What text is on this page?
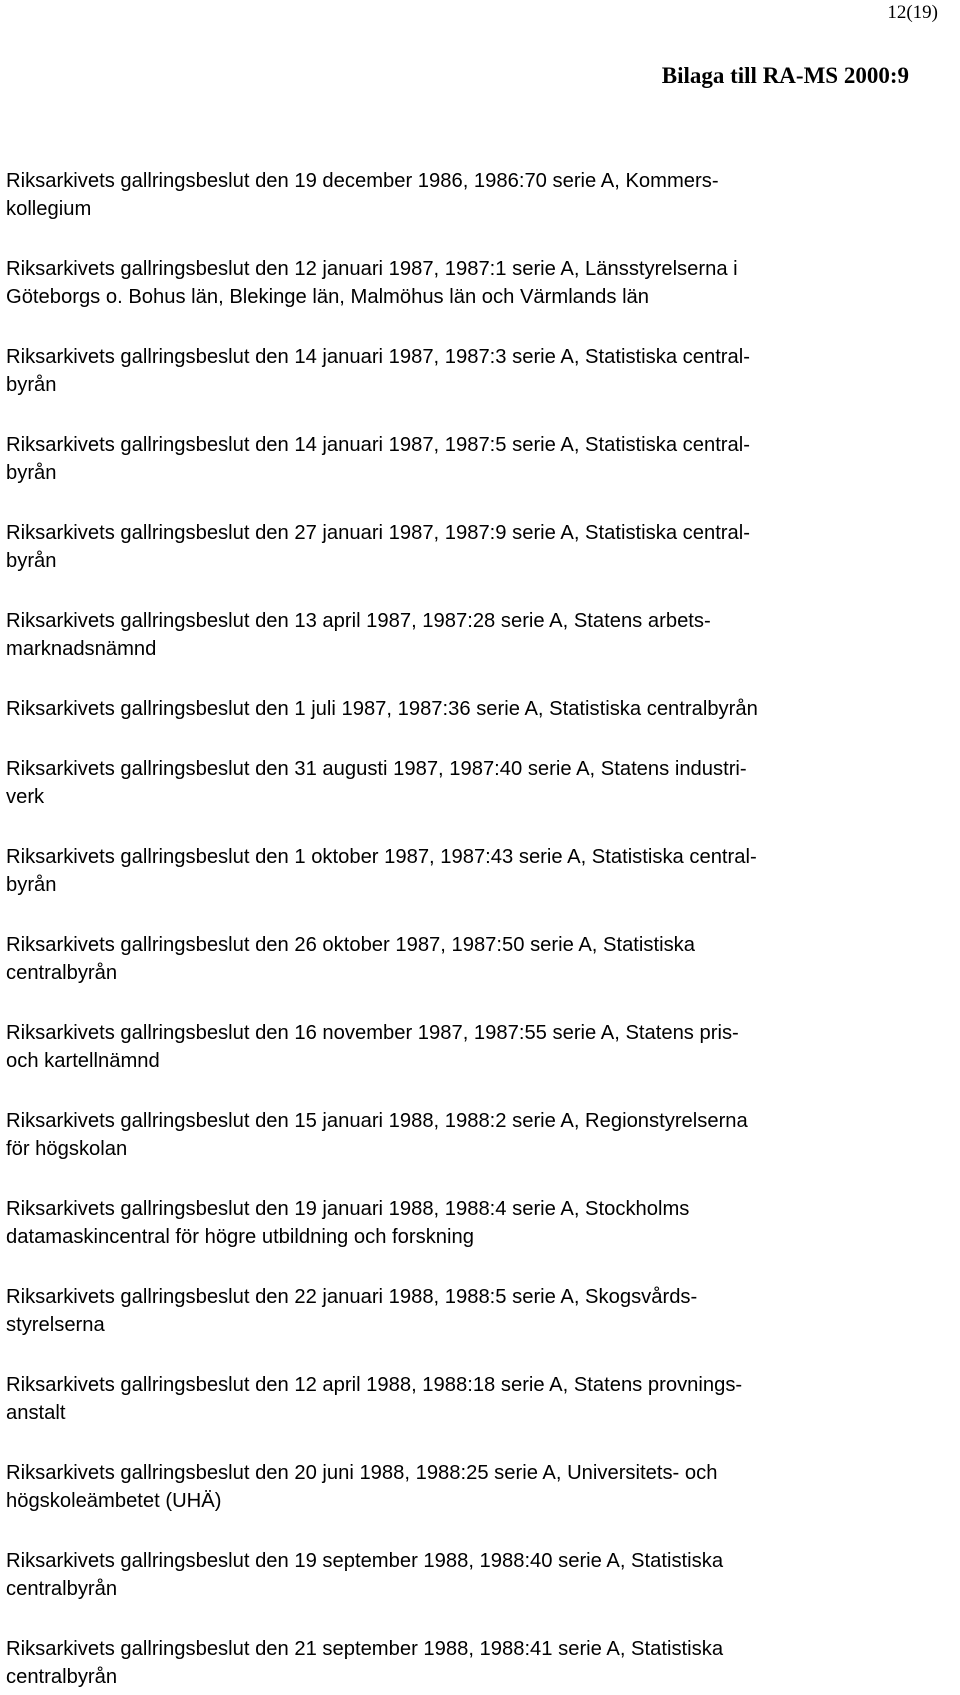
12(19)

Bilaga till RA-MS 2000:9

Riksarkivets gallringsbeslut den 19 december 1986, 1986:70 serie A, Kommers-
kollegium
Riksarkivets gallringsbeslut den 12 januari 1987, 1987:1 serie A, Länsstyrelserna i
Göteborgs o. Bohus län, Blekinge län, Malmöhus län och Värmlands län
Riksarkivets gallringsbeslut den 14 januari 1987, 1987:3 serie A, Statistiska central-
byrån
Riksarkivets gallringsbeslut den 14 januari 1987, 1987:5 serie A, Statistiska central-
byrån
Riksarkivets gallringsbeslut den 27 januari 1987, 1987:9 serie A, Statistiska central-
byrån
Riksarkivets gallringsbeslut den 13 april 1987, 1987:28 serie A, Statens arbets-
marknadsnämnd
Riksarkivets gallringsbeslut den 1 juli 1987, 1987:36 serie A, Statistiska centralbyrån
Riksarkivets gallringsbeslut den 31 augusti 1987, 1987:40 serie A, Statens industri-
verk
Riksarkivets gallringsbeslut den 1 oktober 1987, 1987:43 serie A, Statistiska central-
byrån
Riksarkivets gallringsbeslut den 26 oktober 1987, 1987:50 serie A, Statistiska
centralbyrån
Riksarkivets gallringsbeslut den 16 november 1987, 1987:55 serie A, Statens pris-
och kartellnämnd
Riksarkivets gallringsbeslut den 15 januari 1988, 1988:2 serie A, Regionstyrelserna
för högskolan
Riksarkivets gallringsbeslut den 19 januari 1988, 1988:4 serie A, Stockholms
datamaskincentral för högre utbildning och forskning
Riksarkivets gallringsbeslut den 22 januari 1988, 1988:5 serie A, Skogsvårds-
styrelserna
Riksarkivets gallringsbeslut den 12 april 1988, 1988:18 serie A, Statens provnings-
anstalt
Riksarkivets gallringsbeslut den 20 juni 1988, 1988:25 serie A, Universitets- och
högskoleämbetet (UHÄ)
Riksarkivets gallringsbeslut den 19 september 1988, 1988:40 serie A, Statistiska
centralbyrån
Riksarkivets gallringsbeslut den 21 september 1988, 1988:41 serie A, Statistiska
centralbyrån
